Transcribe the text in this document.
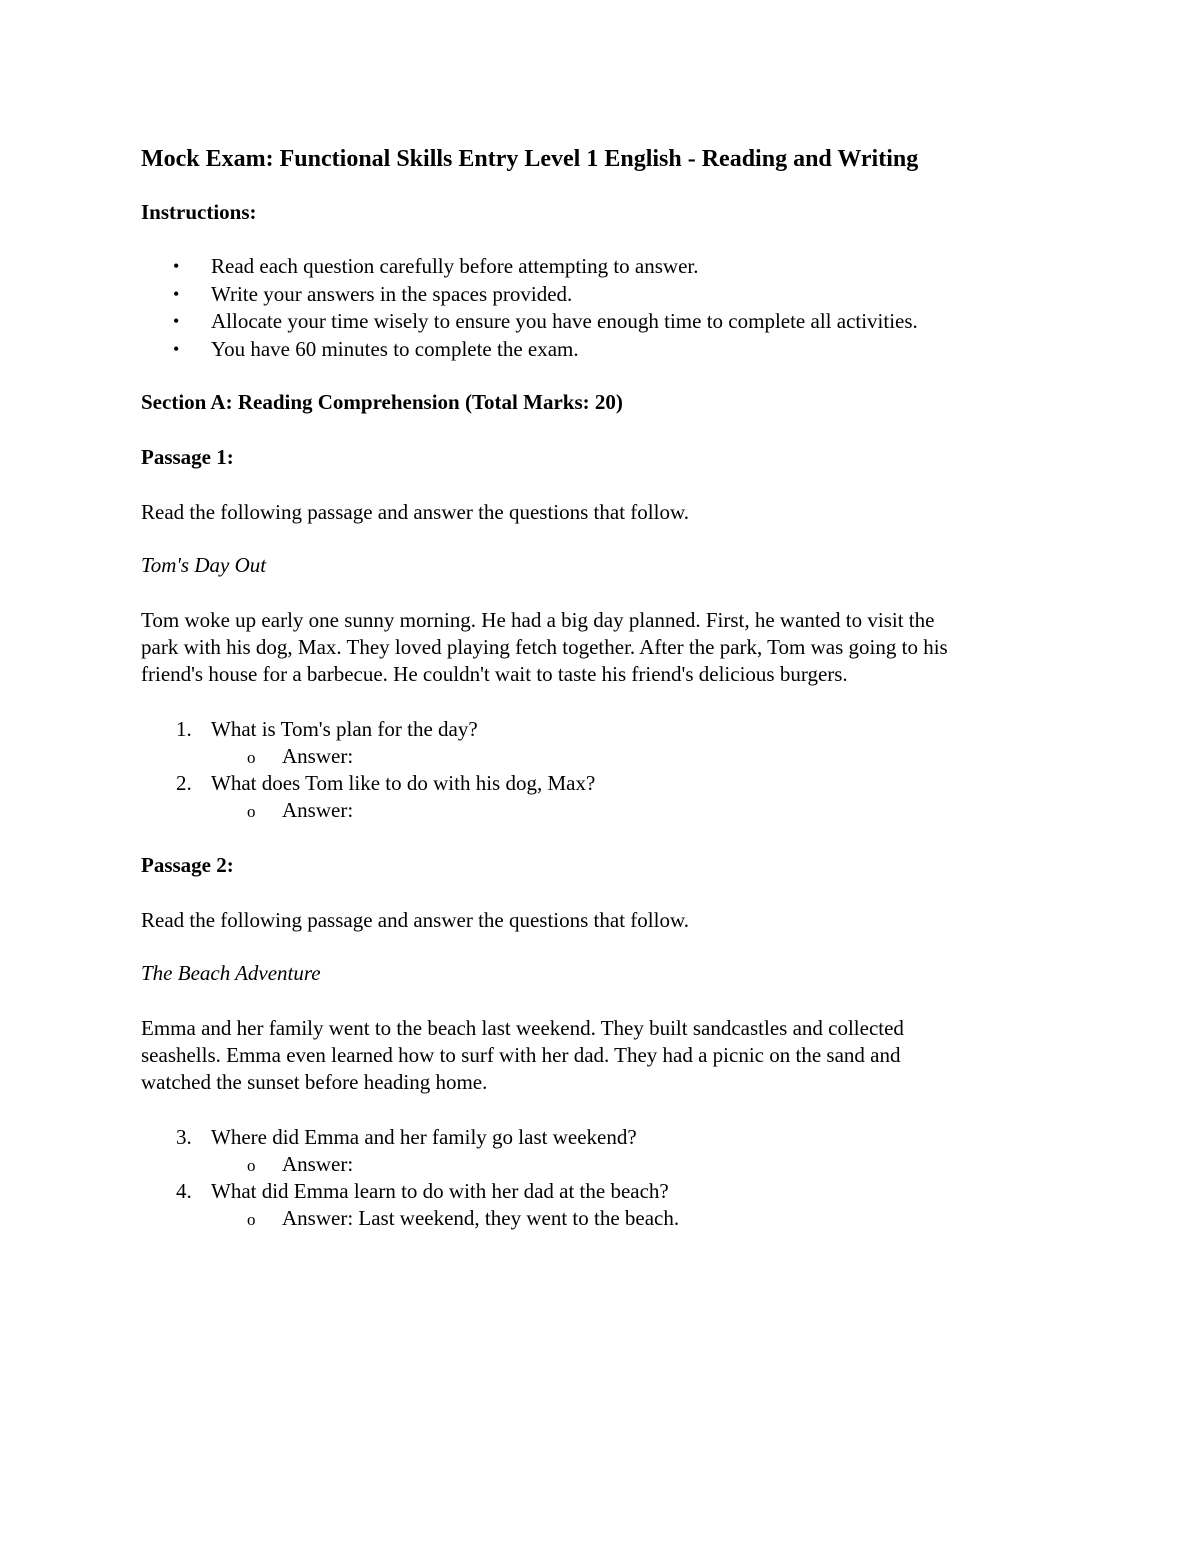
Mock Exam: Functional Skills Entry Level 1 English - Reading and Writing
Instructions:
• Read each question carefully before attempting to answer.
• Write your answers in the spaces provided.
• Allocate your time wisely to ensure you have enough time to complete all activities.
• You have 60 minutes to complete the exam.
Section A: Reading Comprehension (Total Marks: 20)
Passage 1:

Read the following passage and answer the questions that follow.

Tom's Day Out

Tom woke up early one sunny morning. He had a big day planned. First, he wanted to visit the

park with his dog, Max. They loved playing fetch together. After the park, Tom was going to his

friend's house for a barbecue. He couldn't wait to taste his friend's delicious burgers.

1. What is Tom's plan for the day?
o Answer:
2. What does Tom like to do with his dog, Max?
o Answer:
Passage 2:

Read the following passage and answer the questions that follow.

The Beach Adventure

Emma and her family went to the beach last weekend. They built sandcastles and collected

seashells. Emma even learned how to surf with her dad. They had a picnic on the sand and

watched the sunset before heading home.

3. Where did Emma and her family go last weekend?
o Answer:
4. What did Emma learn to do with her dad at the beach?
o Answer: Last weekend, they went to the beach.
